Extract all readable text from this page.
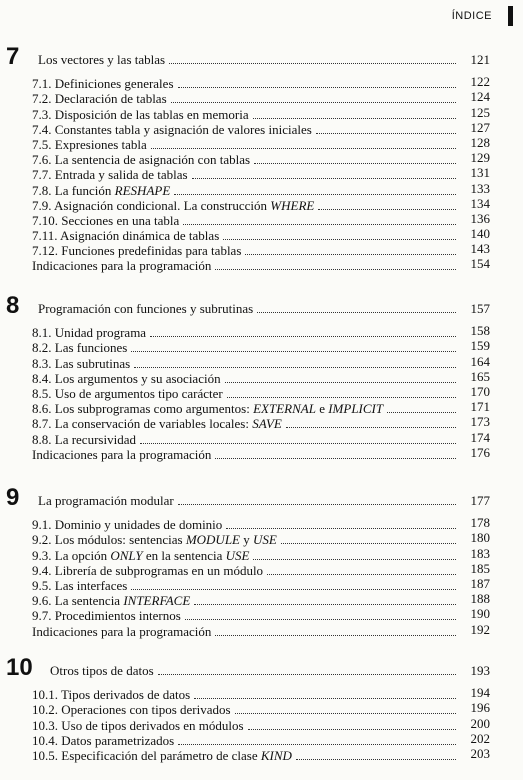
ÍNDICE
7	Los vectores y las tablas	121
7.1. Definiciones generales	122
7.2. Declaración de tablas	124
7.3. Disposición de las tablas en memoria	125
7.4. Constantes tabla y asignación de valores iniciales	127
7.5. Expresiones tabla	128
7.6. La sentencia de asignación con tablas	129
7.7. Entrada y salida de tablas	131
7.8. La función RESHAPE	133
7.9. Asignación condicional. La construcción WHERE	134
7.10. Secciones en una tabla	136
7.11. Asignación dinámica de tablas	140
7.12. Funciones predefinidas para tablas	143
Indicaciones para la programación	154
8	Programación con funciones y subrutinas	157
8.1. Unidad programa	158
8.2. Las funciones	159
8.3. Las subrutinas	164
8.4. Los argumentos y su asociación	165
8.5. Uso de argumentos tipo carácter	170
8.6. Los subprogramas como argumentos: EXTERNAL e IMPLICIT	171
8.7. La conservación de variables locales: SAVE	173
8.8. La recursividad	174
Indicaciones para la programación	176
9	La programación modular	177
9.1. Dominio y unidades de dominio	178
9.2. Los módulos: sentencias MODULE y USE	180
9.3. La opción ONLY en la sentencia USE	183
9.4. Librería de subprogramas en un módulo	185
9.5. Las interfaces	187
9.6. La sentencia INTERFACE	188
9.7. Procedimientos internos	190
Indicaciones para la programación	192
10	Otros tipos de datos	193
10.1. Tipos derivados de datos	194
10.2. Operaciones con tipos derivados	196
10.3. Uso de tipos derivados en módulos	200
10.4. Datos parametrizados	202
10.5. Especificación del parámetro de clase KIND	203
